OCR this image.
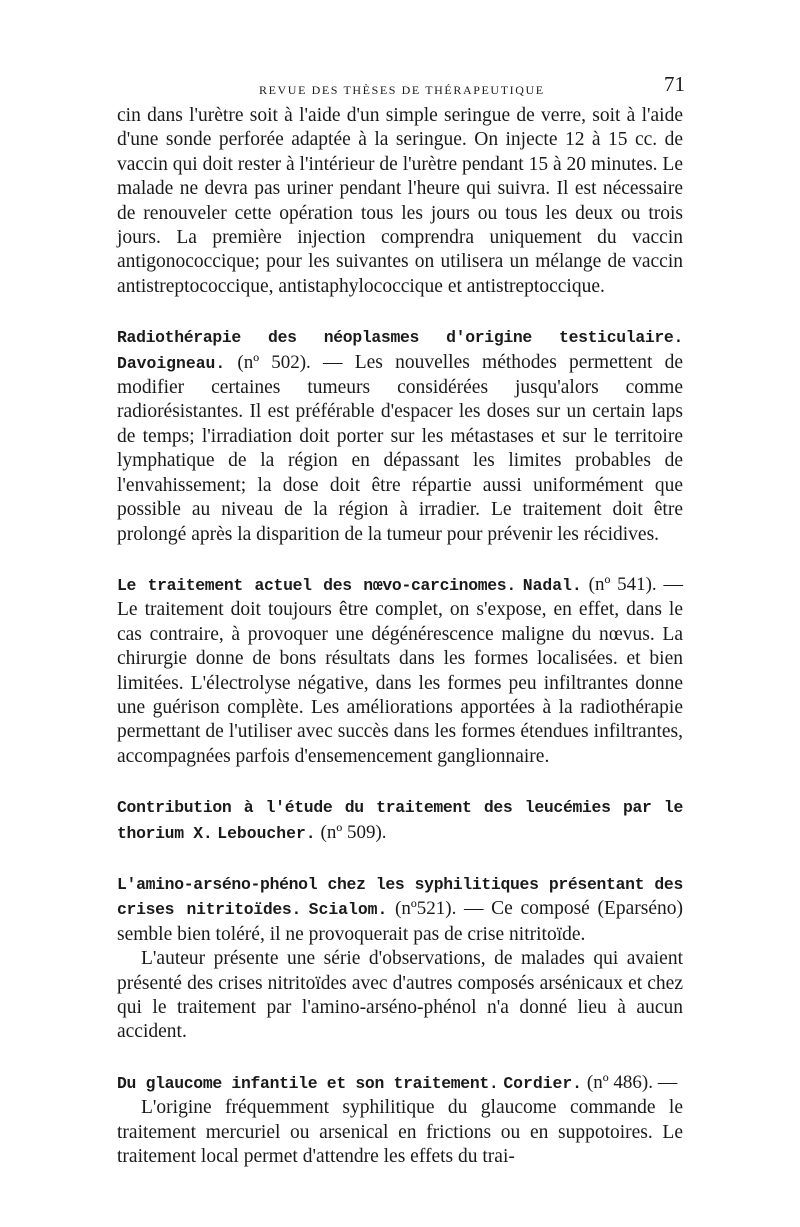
REVUE DES THÈSES DE THÉRAPEUTIQUE	71

cin dans l'urètre soit à l'aide d'un simple seringue de verre, soit à l'aide d'une sonde perforée adaptée à la seringue. On injecte 12 à 15 cc. de vaccin qui doit rester à l'intérieur de l'urètre pendant 15 à 20 minutes. Le malade ne devra pas uriner pendant l'heure qui suivra. Il est nécessaire de renouveler cette opération tous les jours ou tous les deux ou trois jours. La première injection comprendra uniquement du vaccin antigonococcique; pour les suivantes on utilisera un mélange de vaccin antistreptococcique, antistaphylococcique et antistreptoccique.

Radiothérapie des néoplasmes d'origine testiculaire. Davoigneau. (nº 502). — Les nouvelles méthodes permettent de modifier certaines tumeurs considérées jusqu'alors comme radiorésistantes. Il est préférable d'espacer les doses sur un certain laps de temps; l'irradiation doit porter sur les métastases et sur le territoire lymphatique de la région en dépassant les limites probables de l'envahissement; la dose doit être répartie aussi uniformément que possible au niveau de la région à irradier. Le traitement doit être prolongé après la disparition de la tumeur pour prévenir les récidives.

Le traitement actuel des nœvo-carcinomes. Nadal. (nº 541). — Le traitement doit toujours être complet, on s'expose, en effet, dans le cas contraire, à provoquer une dégénérescence maligne du nœvus. La chirurgie donne de bons résultats dans les formes localisées. et bien limitées. L'électrolyse négative, dans les formes peu infiltrantes donne une guérison complète. Les améliorations apportées à la radiothérapie permettant de l'utiliser avec succès dans les formes étendues infiltrantes, accompagnées parfois d'ensemencement ganglionnaire.

Contribution à l'étude du traitement des leucémies par le thorium X. Leboucher. (nº 509).

L'amino-arséno-phénol chez les syphilitiques présentant des crises nitritoïdes. Scialom. (nº521). — Ce composé (Eparséno) semble bien toléré, il ne provoquerait pas de crise nitritoïde.

L'auteur présente une série d'observations, de malades qui avaient présenté des crises nitritoïdes avec d'autres composés arsénicaux et chez qui le traitement par l'amino-arséno-phénol n'a donné lieu à aucun accident.

Du glaucome infantile et son traitement. Cordier. (nº 486). —

L'origine fréquemment syphilitique du glaucome commande le traitement mercuriel ou arsenical en frictions ou en suppotoires. Le traitement local permet d'attendre les effets du trai-
